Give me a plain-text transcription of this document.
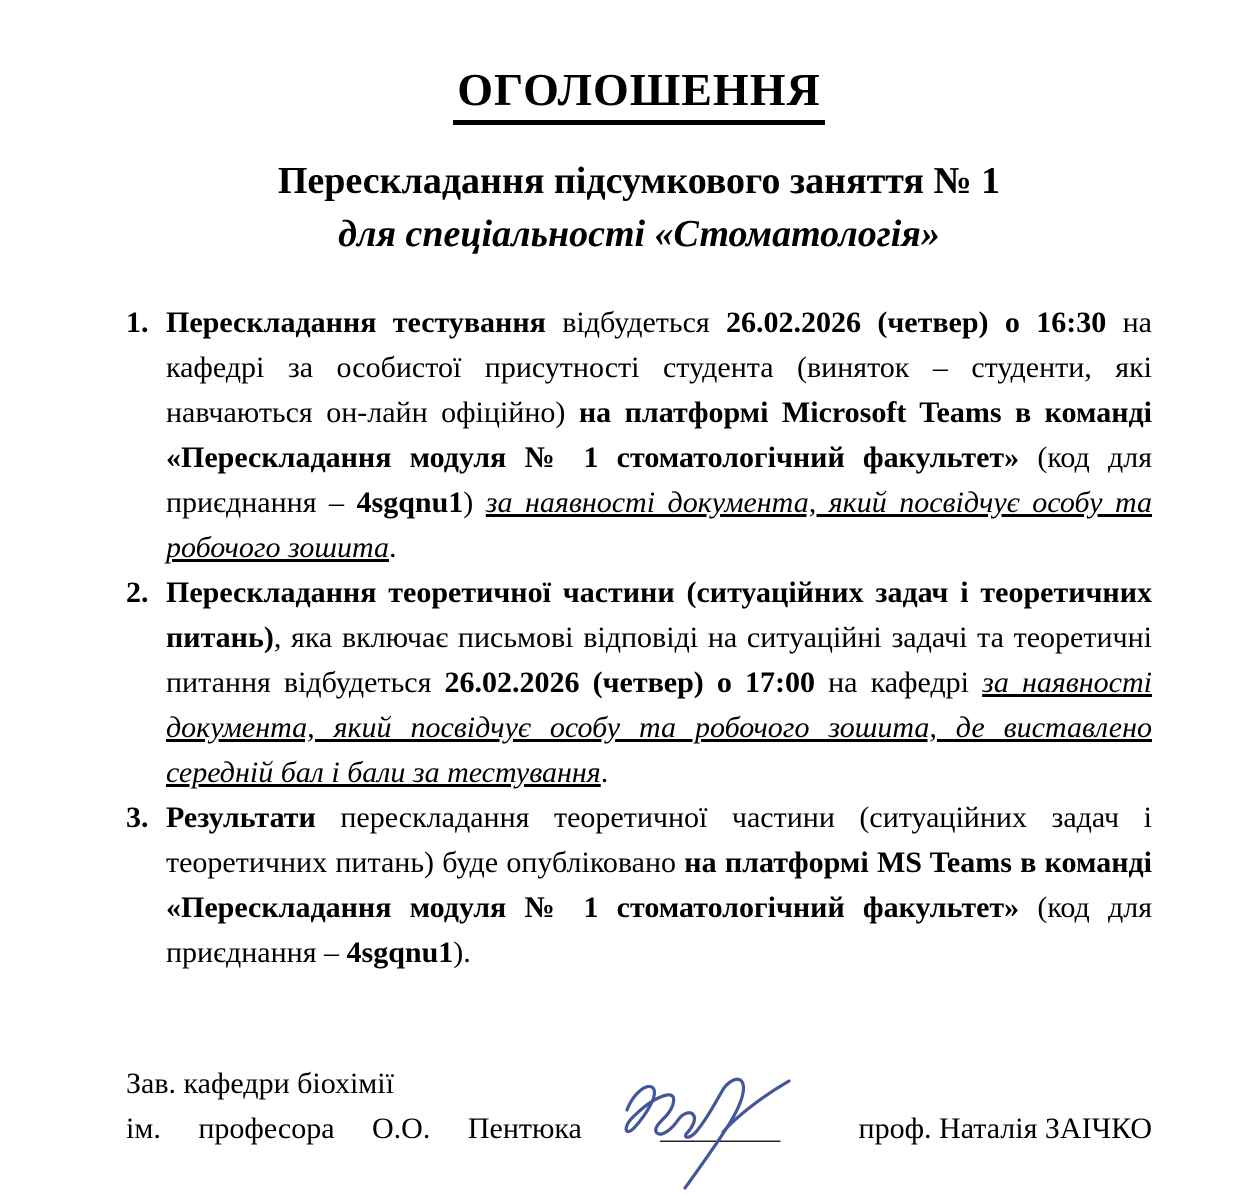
ОГОЛОШЕННЯ
Перескладання підсумкового заняття № 1
для спеціальності «Стоматологія»
1. Перескладання тестування відбудеться 26.02.2026 (четвер) о 16:30 на кафедрі за особистої присутності студента (виняток – студенти, які навчаються он-лайн офіційно) на платформі Microsoft Teams в команді «Перескладання модуля № 1 стоматологічний факультет» (код для приєднання – 4sgqnu1) за наявності документа, який посвідчує особу та робочого зошита.
2. Перескладання теоретичної частини (ситуаційних задач і теоретичних питань), яка включає письмові відповіді на ситуаційні задачі та теоретичні питання відбудеться 26.02.2026 (четвер) о 17:00 на кафедрі за наявності документа, який посвідчує особу та робочого зошита, де виставлено середній бал і бали за тестування.
3. Результати перескладання теоретичної частини (ситуаційних задач і теоретичних питань) буде опубліковано на платформі MS Teams в команді «Перескладання модуля № 1 стоматологічний факультет» (код для приєднання – 4sgqnu1).
Зав. кафедри біохімії
ім. професора О.О. Пентюка	________	проф. Наталія ЗАІЧКО
